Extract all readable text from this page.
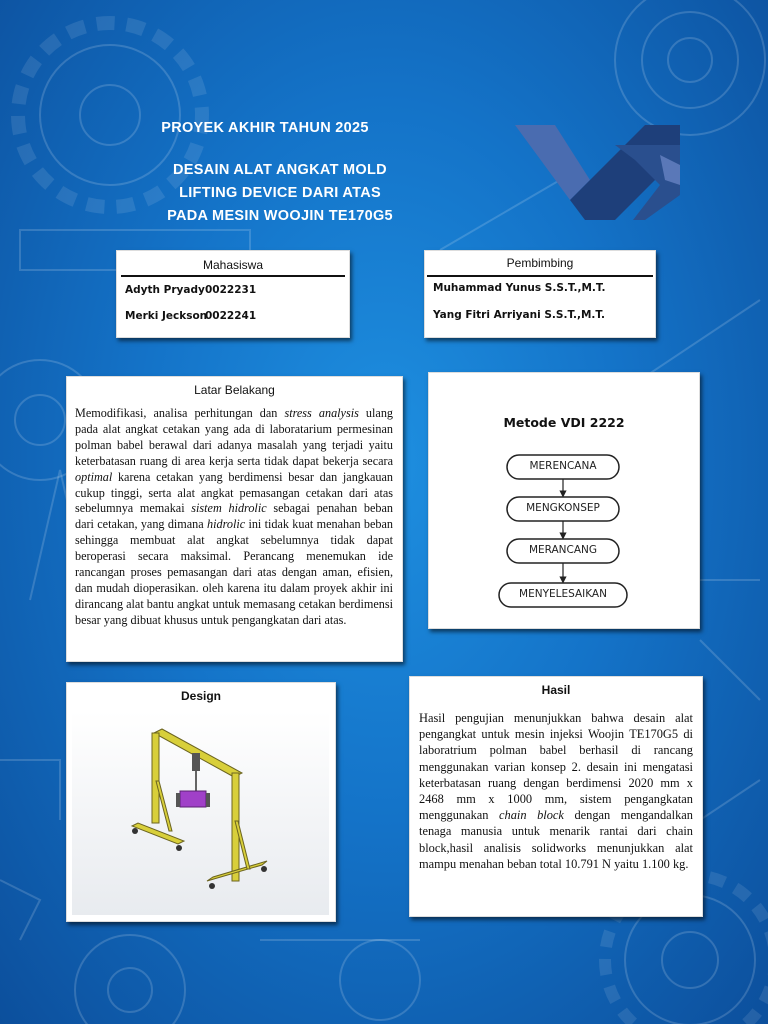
PROYEK AKHIR TAHUN 2025
DESAIN ALAT ANGKAT MOLD
LIFTING DEVICE DARI ATAS
PADA MESIN WOOJIN TE170G5
Mahasiswa
Adyth Pryady 0022231
Merki Jeckson
0022241
Pembimbing
Muhammad Yunus S.S.T.,M.T.
Yang Fitri Arriyani S.S.T.,M.T.
Latar Belakang
Memodifikasi, analisa perhitungan dan stress analysis ulang pada alat angkat cetakan yang ada di laboratarium permesinan polman babel berawal dari adanya masalah yang terjadi yaitu keterbatasan ruang di area kerja serta tidak dapat bekerja secara optimal karena cetakan yang berdimensi besar dan jangkauan cukup tinggi, serta alat angkat pemasangan cetakan dari atas sebelumnya memakai sistem hidrolic sebagai penahan beban dari cetakan, yang dimana hidrolic ini tidak kuat menahan beban sehingga membuat alat angkat sebelumnya tidak dapat beroperasi secara maksimal. Perancang menemukan ide rancangan proses pemasangan dari atas dengan aman, efisien, dan mudah dioperasikan. oleh karena itu dalam proyek akhir ini dirancang alat bantu angkat untuk memasang cetakan berdimensi besar yang dibuat khusus untuk pengangkatan dari atas.
Metode VDI 2222
MERENCANA
MENGKONSEP
MERANCANG
MENYELESAIKAN
Design	Hasil
Hasil pengujian menunjukkan bahwa desain alat pengangkat untuk mesin injeksi Woojin TE170G5 di laboratrium polman babel berhasil di rancang menggunakan varian konsep 2. desain ini mengatasi keterbatasan ruang dengan berdimensi 2020 mm x 2468 mm x 1000 mm, sistem pengangkatan menggunakan chain block dengan mengandalkan tenaga manusia untuk menarik rantai dari chain block,hasil analisis solidworks menunjukkan alat mampu menahan beban total 10.791 N yaitu 1.100 kg.
